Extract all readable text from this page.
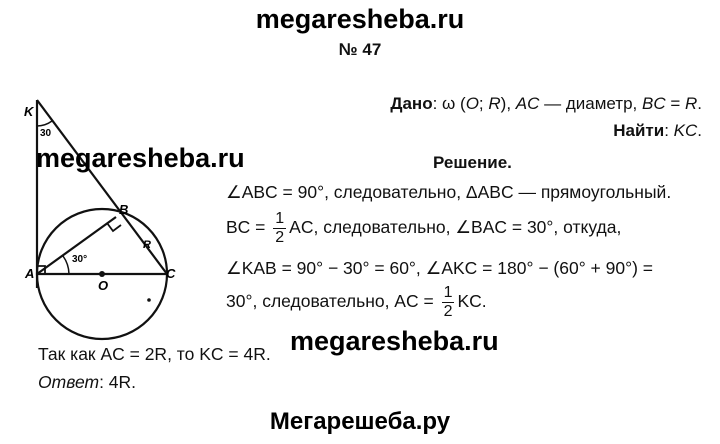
megaresheba.ru
№ 47
K
30
B
R
30°
A	C
O
megaresheba.ru
Дано: ω (O; R), AC — диаметр, BC = R.
Найти: KC.
Решение.
∠ABC = 90°, следовательно, ΔABC — прямоугольный.
BC = $\frac{1}{2}$ AC, следовательно, ∠BAC = 30°, откуда,
∠KAB = 90° − 30° = 60°, ∠AKC = 180° − (60° + 90°) =
30°, следовательно, AC = $\frac{1}{2}$ KC.
Так как AC = 2R, то KC = 4R. megaresheba.ru
Ответ: 4R.
Мегарешеба.ру
